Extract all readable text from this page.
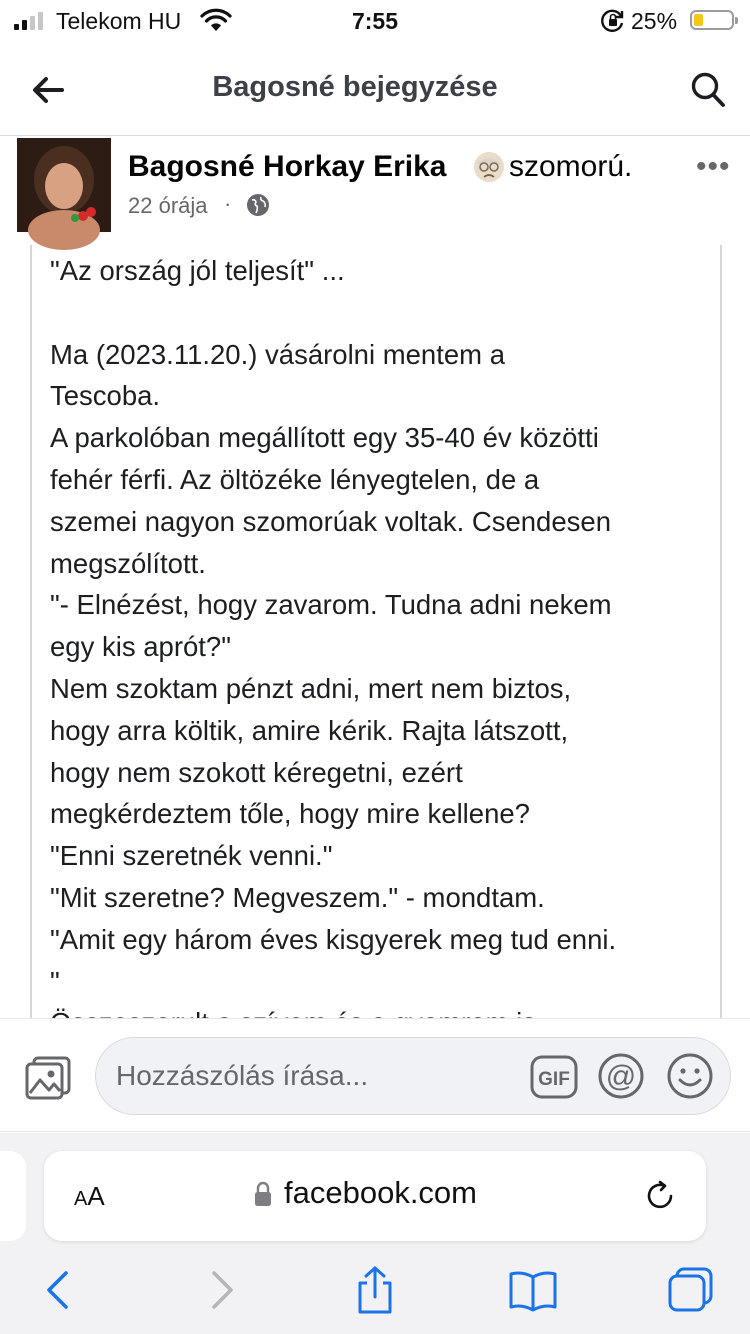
Telekom HU	7:55	25%
Bagosné bejegyzése
Bagosné Horkay Erika szomorú. •••
22 órája ·
"Az ország jól teljesít" ...

Ma (2023.11.20.) vásárolni mentem a
Tescoba.
A parkolóban megállított egy 35-40 év közötti
fehér férfi. Az öltözéke lényegtelen, de a
szemei nagyon szomorúak voltak. Csendesen
megszólított.
"- Elnézést, hogy zavarom. Tudna adni nekem
egy kis aprót?"
Nem szoktam pénzt adni, mert nem biztos,
hogy arra költik, amire kérik. Rajta látszott,
hogy nem szokott kéregetni, ezért
megkérdeztem tőle, hogy mire kellene?
"Enni szeretnék venni."
"Mit szeretne? Megveszem." - mondtam.
"Amit egy három éves kisgyerek meg tud enni.
"
Hozzászólás írása...
GIF @
AA	facebook.com
